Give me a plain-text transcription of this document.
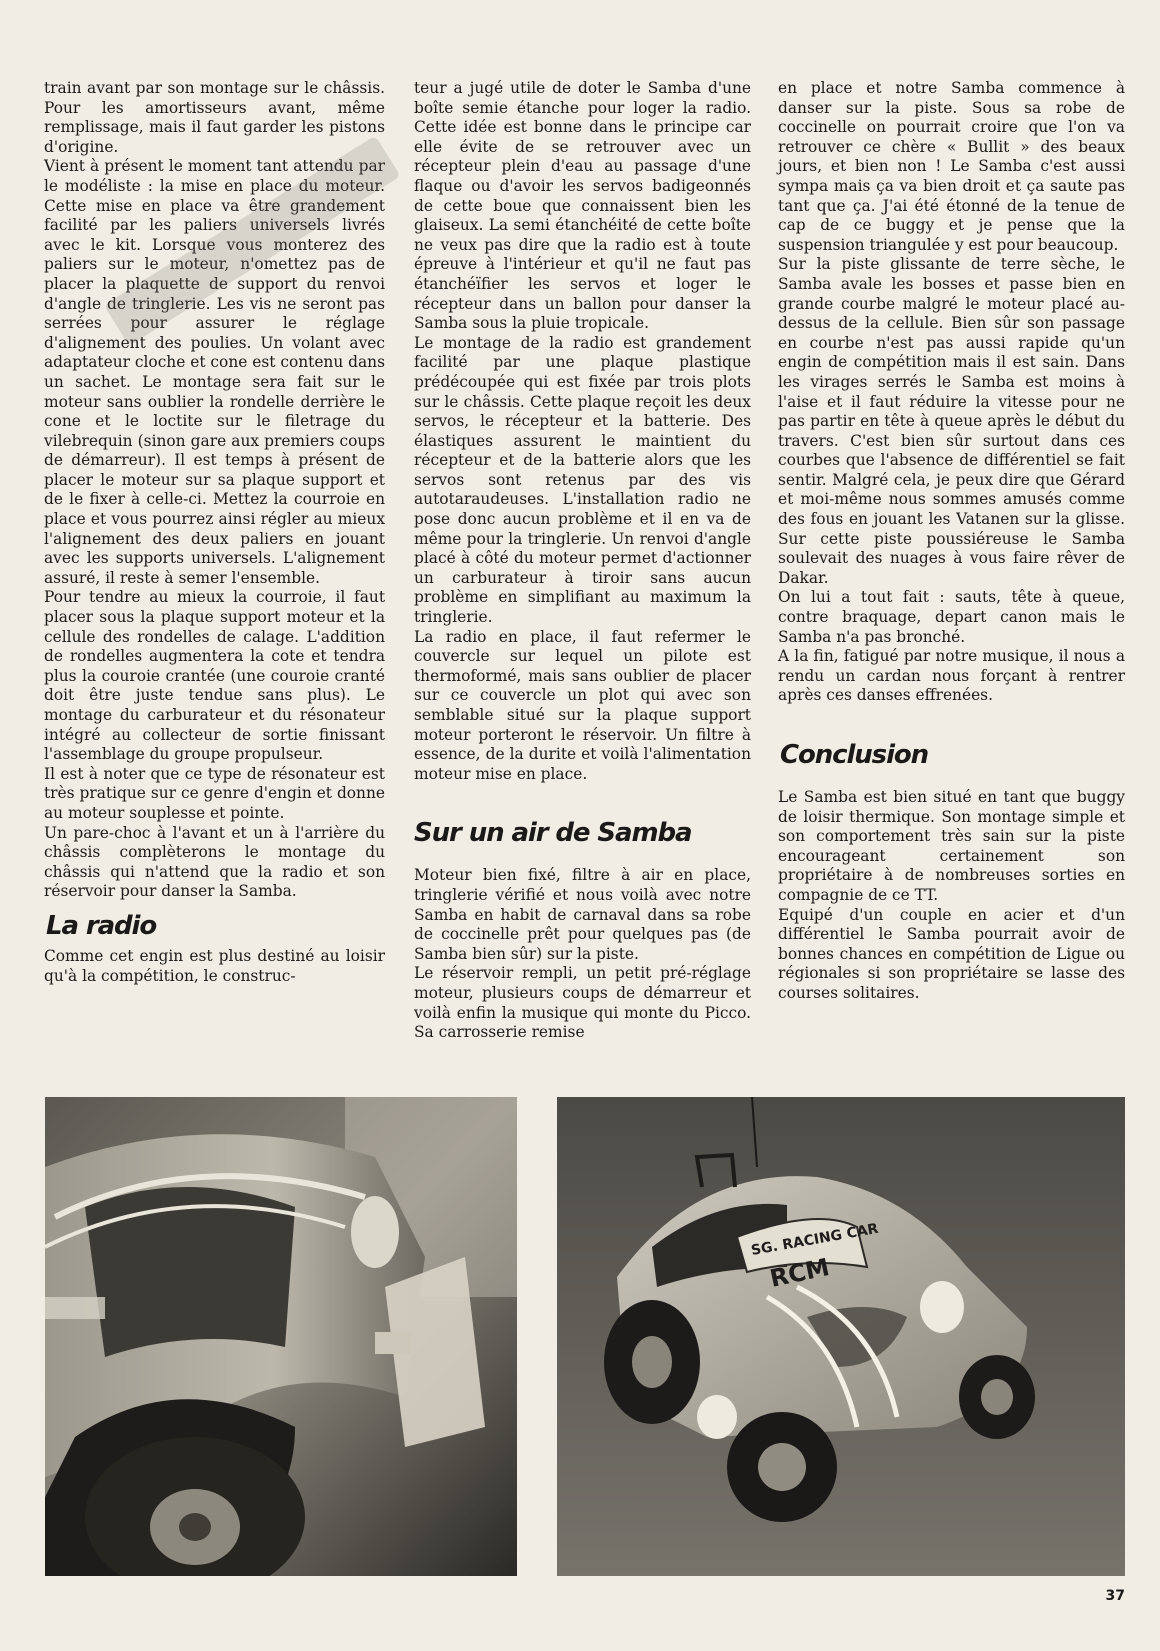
train avant par son montage sur le châssis. Pour les amortisseurs avant, même remplissage, mais il faut garder les pistons d'origine.

Vient à présent le moment tant attendu par le modéliste : la mise en place du moteur. Cette mise en place va être grandement facilité par les paliers universels livrés avec le kit. Lorsque vous monterez des paliers sur le moteur, n'omettez pas de placer la plaquette de support du renvoi d'angle de tringlerie. Les vis ne seront pas serrées pour assurer le réglage d'alignement des poulies. Un volant avec adaptateur cloche et cone est contenu dans un sachet. Le montage sera fait sur le moteur sans oublier la rondelle derrière le cone et le loctite sur le filetrage du vilebrequin (sinon gare aux premiers coups de démarreur). Il est temps à présent de placer le moteur sur sa plaque support et de le fixer à celle-ci. Mettez la courroie en place et vous pourrez ainsi régler au mieux l'alignement des deux paliers en jouant avec les supports universels. L'alignement assuré, il reste à semer l'ensemble.

Pour tendre au mieux la courroie, il faut placer sous la plaque support moteur et la cellule des rondelles de calage. L'addition de rondelles augmentera la cote et tendra plus la couroie crantée (une couroie cranté doit être juste tendue sans plus). Le montage du carburateur et du résonateur intégré au collecteur de sortie finissant l'assemblage du groupe propulseur.

Il est à noter que ce type de résonateur est très pratique sur ce genre d'engin et donne au moteur souplesse et pointe.

Un pare-choc à l'avant et un à l'arrière du châssis complèterons le montage du châssis qui n'attend que la radio et son réservoir pour danser la Samba.

La radio

Comme cet engin est plus destiné au loisir qu'à la compétition, le construc-

teur a jugé utile de doter le Samba d'une boîte semie étanche pour loger la radio. Cette idée est bonne dans le principe car elle évite de se retrouver avec un récepteur plein d'eau au passage d'une flaque ou d'avoir les servos badigeonnés de cette boue que connaissent bien les glaiseux. La semi étanchéité de cette boîte ne veux pas dire que la radio est à toute épreuve à l'intérieur et qu'il ne faut pas étanchéïfier les servos et loger le récepteur dans un ballon pour danser la Samba sous la pluie tropicale.

Le montage de la radio est grandement facilité par une plaque plastique prédécoupée qui est fixée par trois plots sur le châssis. Cette plaque reçoit les deux servos, le récepteur et la batterie. Des élastiques assurent le maintient du récepteur et de la batterie alors que les servos sont retenus par des vis autotaraudeuses. L'installation radio ne pose donc aucun problème et il en va de même pour la tringlerie. Un renvoi d'angle placé à côté du moteur permet d'actionner un carburateur à tiroir sans aucun problème en simplifiant au maximum la tringlerie.

La radio en place, il faut refermer le couvercle sur lequel un pilote est thermoformé, mais sans oublier de placer sur ce couvercle un plot qui avec son semblable situé sur la plaque support moteur porteront le réservoir. Un filtre à essence, de la durite et voilà l'alimentation moteur mise en place.

Sur un air de Samba

Moteur bien fixé, filtre à air en place, tringlerie vérifié et nous voilà avec notre Samba en habit de carnaval dans sa robe de coccinelle prêt pour quelques pas (de Samba bien sûr) sur la piste.

Le réservoir rempli, un petit pré-réglage moteur, plusieurs coups de démarreur et voilà enfin la musique qui monte du Picco. Sa carrosserie remise

en place et notre Samba commence à danser sur la piste. Sous sa robe de coccinelle on pourrait croire que l'on va retrouver ce chère « Bullit » des beaux jours, et bien non ! Le Samba c'est aussi sympa mais ça va bien droit et ça saute pas tant que ça. J'ai été étonné de la tenue de cap de ce buggy et je pense que la suspension triangulée y est pour beaucoup.

Sur la piste glissante de terre sèche, le Samba avale les bosses et passe bien en grande courbe malgré le moteur placé au-dessus de la cellule. Bien sûr son passage en courbe n'est pas aussi rapide qu'un engin de compétition mais il est sain. Dans les virages serrés le Samba est moins à l'aise et il faut réduire la vitesse pour ne pas partir en tête à queue après le début du travers. C'est bien sûr surtout dans ces courbes que l'absence de différentiel se fait sentir. Malgré cela, je peux dire que Gérard et moi-même nous sommes amusés comme des fous en jouant les Vatanen sur la glisse. Sur cette piste poussiéreuse le Samba soulevait des nuages à vous faire rêver de Dakar.

On lui a tout fait : sauts, tête à queue, contre braquage, depart canon mais le Samba n'a pas bronché.

A la fin, fatigué par notre musique, il nous a rendu un cardan nous forçant à rentrer après ces danses effrenées.

Conclusion

Le Samba est bien situé en tant que buggy de loisir thermique. Son montage simple et son comportement très sain sur la piste encourageant certainement son propriétaire à de nombreuses sorties en compagnie de ce TT.

Equipé d'un couple en acier et d'un différentiel le Samba pourrait avoir de bonnes chances en compétition de Ligue ou régionales si son propriétaire se lasse des courses solitaires.

SG. RACING CAR
RCM
37
